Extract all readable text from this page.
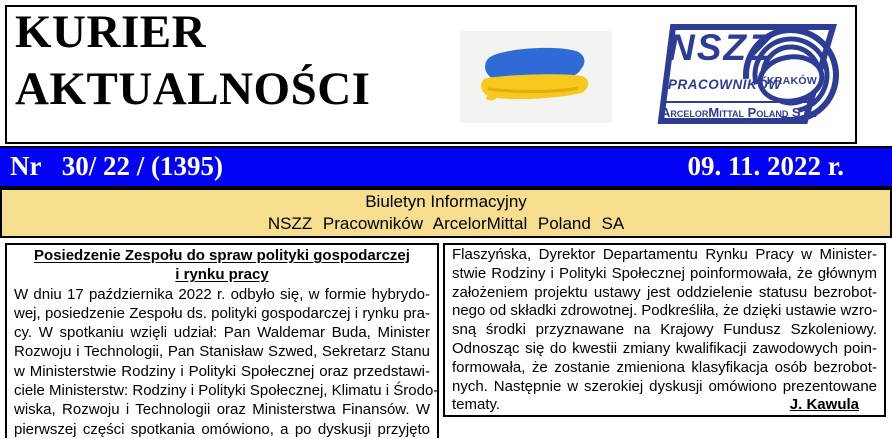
KURIER
AKTUALNOŚCI
NSZZ
PRACOWNIKÓW
KRAKÓW
ArcelorMittal Poland S.A.
Nr   30/ 22 / (1395)	09. 11. 2022 r.
Biuletyn Informacyjny
NSZZ Pracowników ArcelorMittal Poland SA
Posiedzenie Zespołu do spraw polityki gospodarczej
i rynku pracy
W dniu 17 października 2022 r. odbyło się, w formie hybrydo-
wej, posiedzenie Zespołu ds. polityki gospodarczej i rynku pra-
cy. W spotkaniu wzięli udział: Pan Waldemar Buda, Minister
Rozwoju i Technologii, Pan Stanisław Szwed, Sekretarz Stanu
w Ministerstwie Rodziny i Polityki Społecznej oraz przedstawi-
ciele Ministerstw: Rodziny i Polityki Społecznej, Klimatu i Środo-
wiska, Rozwoju i Technologii oraz Ministerstwa Finansów. W
pierwszej części spotkania omówiono, a po dyskusji przyjęto
Flaszyńska, Dyrektor Departamentu Rynku Pracy w Minister-
stwie Rodziny i Polityki Społecznej poinformowała, że głównym
założeniem projektu ustawy jest oddzielenie statusu bezrobot-
nego od składki zdrowotnej. Podkreśliła, że dzięki ustawie wzro-
sną środki przyznawane na Krajowy Fundusz Szkoleniowy.
Odnosząc się do kwestii zmiany kwalifikacji zawodowych poin-
formowała, że zostanie zmieniona klasyfikacja osób bezrobot-
nych. Następnie w szerokiej dyskusji omówiono prezentowane
tematy.	J. Kawula
